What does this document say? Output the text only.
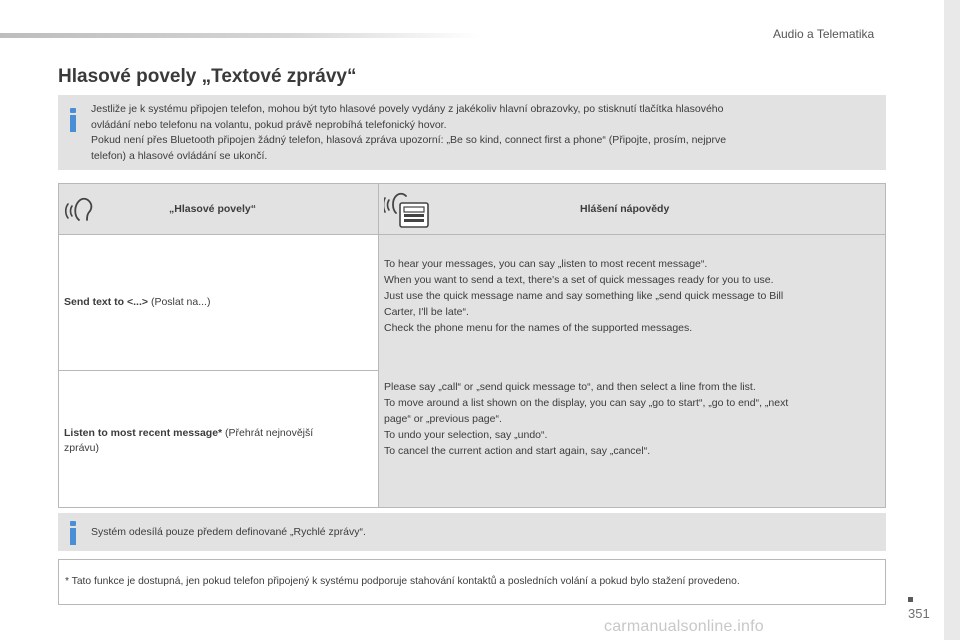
Audio a Telematika
Hlasové povely „Textové zprávy“

Jestliže je k systému připojen telefon, mohou být tyto hlasové povely vydány z jakékoliv hlavní obrazovky, po stisknutí tlačítka hlasového

ovládání nebo telefonu na volantu, pokud právě neprobíhá telefonický hovor.

Pokud není přes Bluetooth připojen žádný telefon, hlasová zpráva upozorní: „Be so kind, connect first a phone“ (Připojte, prosím, nejprve

telefon) a hlasové ovládání se ukončí.

„Hlasové povely“	Hlášení nápovědy
Send text to <...> (Poslat na...)

Listen to most recent message* (Přehrát nejnovější

zprávu)

To hear your messages, you can say „listen to most recent message“.

When you want to send a text, there's a set of quick messages ready for you to use.

Just use the quick message name and say something like „send quick message to Bill

Carter, I'll be late“.

Check the phone menu for the names of the supported messages.

Please say „call“ or „send quick message to“, and then select a line from the list.

To move around a list shown on the display, you can say „go to start“, „go to end“, „next

page“ or „previous page“.

To undo your selection, say „undo“.

To cancel the current action and start again, say „cancel“.

Systém odesílá pouze předem definované „Rychlé zprávy“.
* Tato funkce je dostupná, jen pokud telefon připojený k systému podporuje stahování kontaktů a posledních volání a pokud bylo stažení provedeno.
351
carmanualsonline.info
